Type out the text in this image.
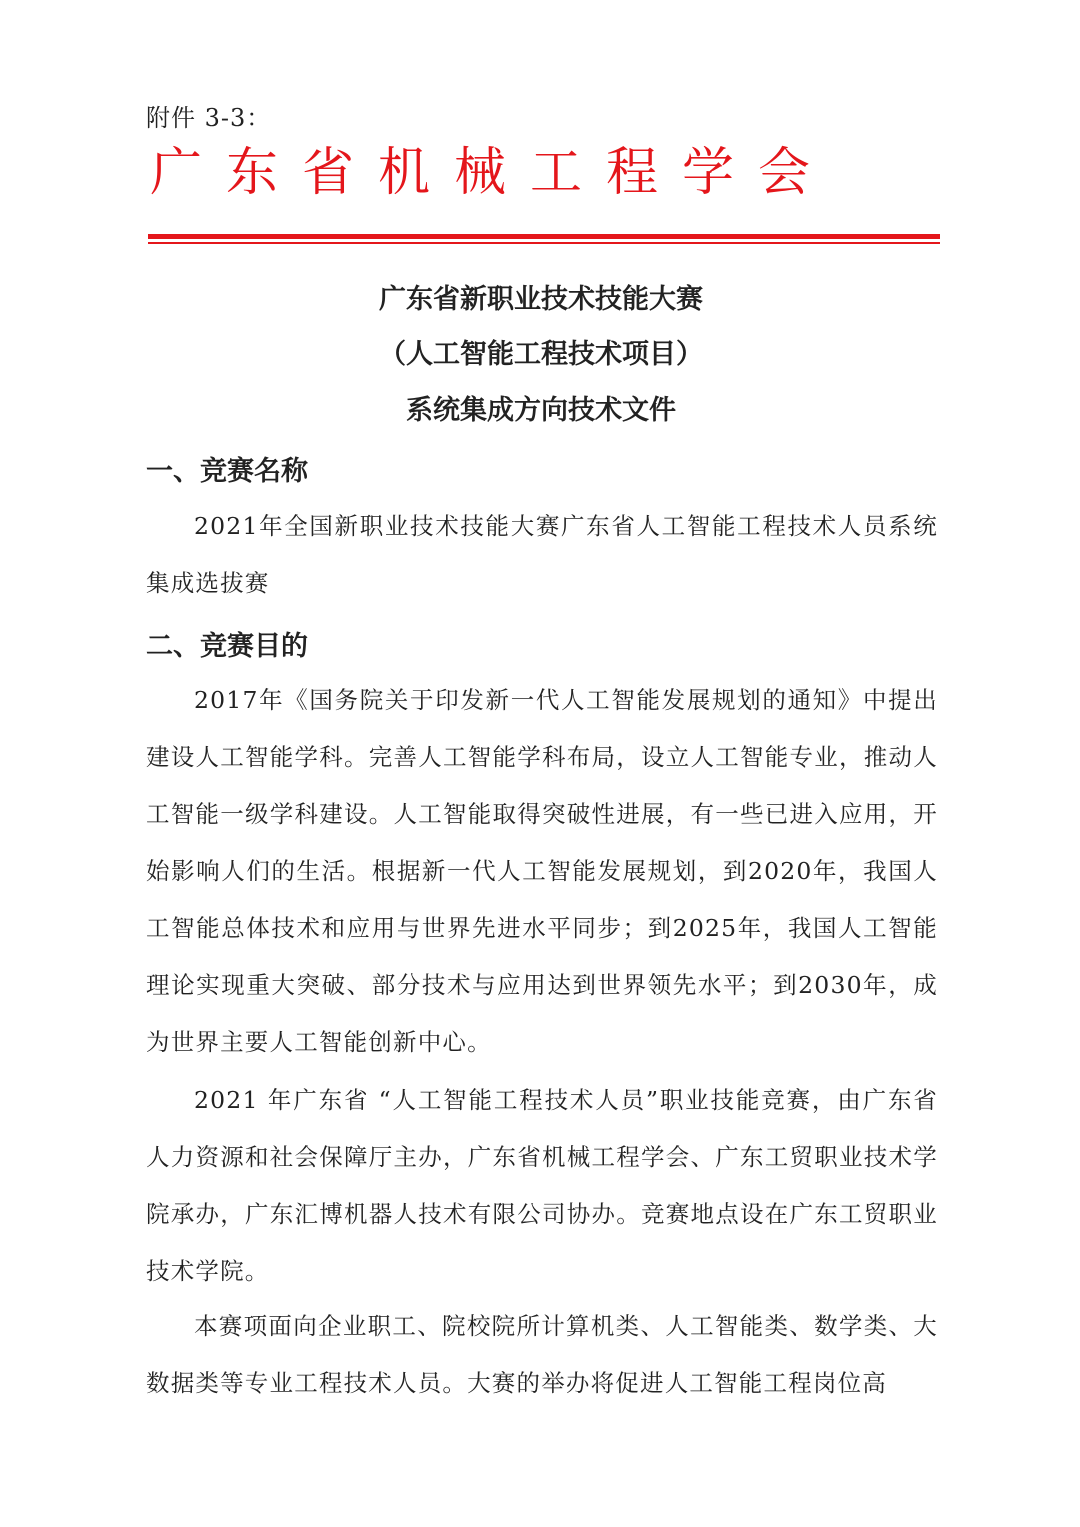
附件 3-3：
广东省机械工程学会
广东省新职业技术技能大赛
（人工智能工程技术项目）
系统集成方向技术文件
一、竞赛名称
2021年全国新职业技术技能大赛广东省人工智能工程技术人员系统集成选拔赛
二、竞赛目的
2017年《国务院关于印发新一代人工智能发展规划的通知》中提出建设人工智能学科。完善人工智能学科布局，设立人工智能专业，推动人工智能一级学科建设。人工智能取得突破性进展，有一些已进入应用，开始影响人们的生活。根据新一代人工智能发展规划，到2020年，我国人工智能总体技术和应用与世界先进水平同步；到2025年，我国人工智能理论实现重大突破、部分技术与应用达到世界领先水平；到2030年，成为世界主要人工智能创新中心。
2021 年广东省 “人工智能工程技术人员”职业技能竞赛，由广东省人力资源和社会保障厅主办，广东省机械工程学会、广东工贸职业技术学院承办，广东汇博机器人技术有限公司协办。竞赛地点设在广东工贸职业技术学院。
本赛项面向企业职工、院校院所计算机类、人工智能类、数学类、大数据类等专业工程技术人员。大赛的举办将促进人工智能工程岗位高
